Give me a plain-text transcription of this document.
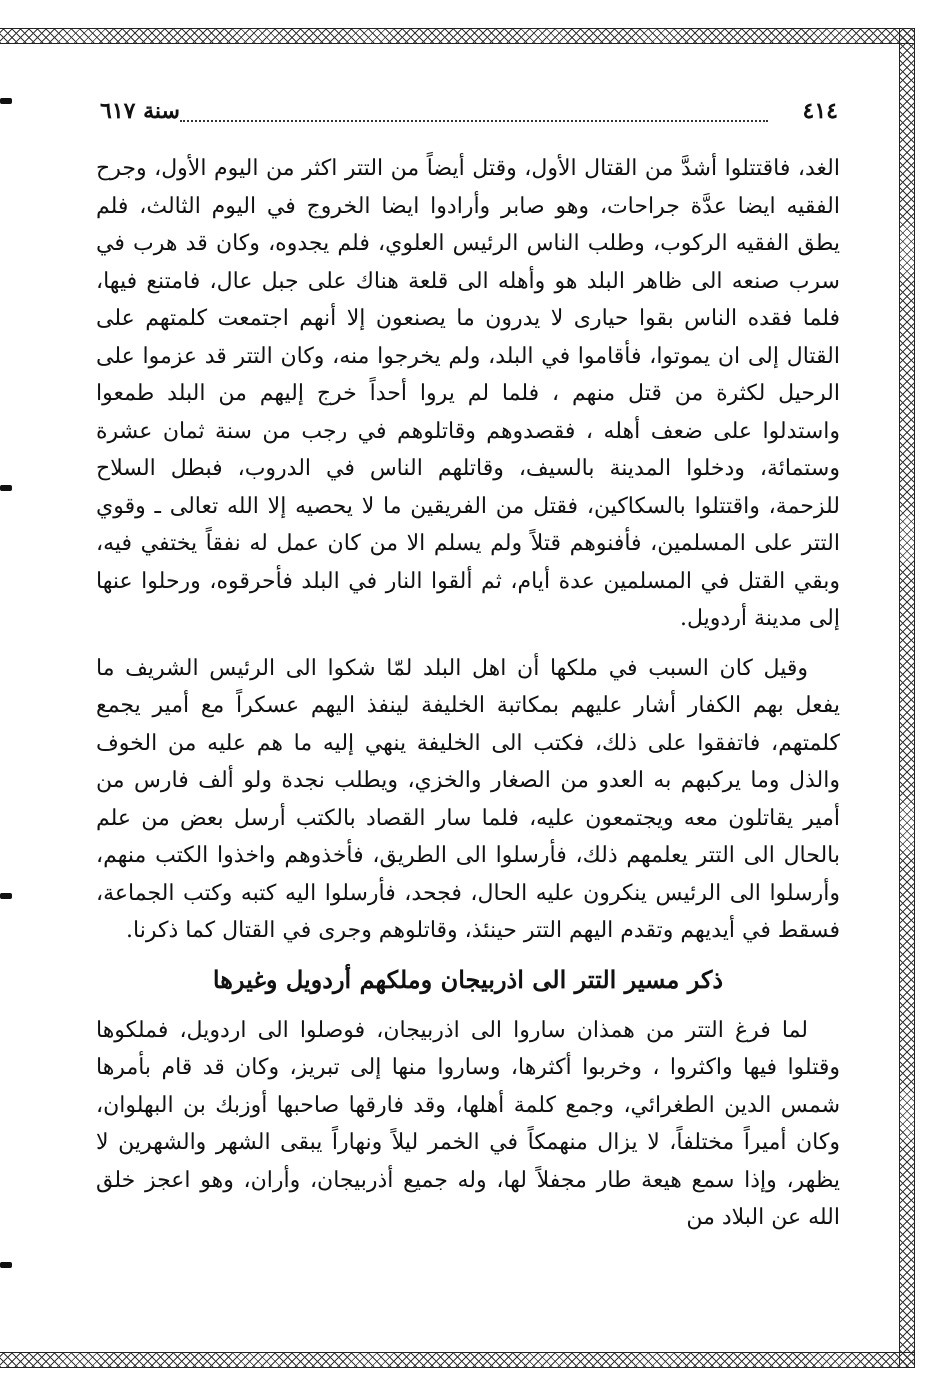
٤١٤
سنة ٦١٧

الغد، فاقتتلوا أشدَّ من القتال الأول، وقتل أيضاً من التتر اكثر من اليوم الأول، وجرح الفقيه ايضا عدَّة جراحات، وهو صابر وأرادوا ايضا الخروج في اليوم الثالث، فلم يطق الفقيه الركوب، وطلب الناس الرئيس العلوي، فلم يجدوه، وكان قد هرب في سرب صنعه الى ظاهر البلد هو وأهله الى قلعة هناك على جبل عال، فامتنع فيها، فلما فقده الناس بقوا حيارى لا يدرون ما يصنعون إلا أنهم اجتمعت كلمتهم على القتال إلى ان يموتوا، فأقاموا في البلد، ولم يخرجوا منه، وكان التتر قد عزموا على الرحيل لكثرة من قتل منهم ، فلما لم يروا أحداً خرج إليهم من البلد طمعوا واستدلوا على ضعف أهله ، فقصدوهم وقاتلوهم في رجب من سنة ثمان عشرة وستمائة، ودخلوا المدينة بالسيف، وقاتلهم الناس في الدروب، فبطل السلاح للزحمة، واقتتلوا بالسكاكين، فقتل من الفريقين ما لا يحصيه إلا الله تعالى ـ وقوي التتر على المسلمين، فأفنوهم قتلاً ولم يسلم الا من كان عمل له نفقاً يختفي فيه، وبقي القتل في المسلمين عدة أيام، ثم ألقوا النار في البلد فأحرقوه، ورحلوا عنها إلى مدينة أردويل.

وقيل كان السبب في ملكها أن اهل البلد لمّا شكوا الى الرئيس الشريف ما يفعل بهم الكفار أشار عليهم بمكاتبة الخليفة لينفذ اليهم عسكراً مع أمير يجمع كلمتهم، فاتفقوا على ذلك، فكتب الى الخليفة ينهي إليه ما هم عليه من الخوف والذل وما يركبهم به العدو من الصغار والخزي، ويطلب نجدة ولو ألف فارس من أمير يقاتلون معه ويجتمعون عليه، فلما سار القصاد بالكتب أرسل بعض من علم بالحال الى التتر يعلمهم ذلك، فأرسلوا الى الطريق، فأخذوهم واخذوا الكتب منهم، وأرسلوا الى الرئيس ينكرون عليه الحال، فجحد، فأرسلوا اليه كتبه وكتب الجماعة، فسقط في أيديهم وتقدم اليهم التتر حينئذ، وقاتلوهم وجرى في القتال كما ذكرنا.

ذكر مسير التتر الى اذربيجان وملكهم أردويل وغيرها

لما فرغ التتر من همذان ساروا الى اذربيجان، فوصلوا الى اردويل، فملكوها وقتلوا فيها واكثروا ، وخربوا أكثرها، وساروا منها إلى تبريز، وكان قد قام بأمرها شمس الدين الطغرائي، وجمع كلمة أهلها، وقد فارقها صاحبها أوزبك بن البهلوان، وكان أميراً مختلفاً، لا يزال منهمكاً في الخمر ليلاً ونهاراً يبقى الشهر والشهرين لا يظهر، وإذا سمع هيعة طار مجفلاً لها، وله جميع أذربيجان، وأران، وهو اعجز خلق الله عن البلاد من
